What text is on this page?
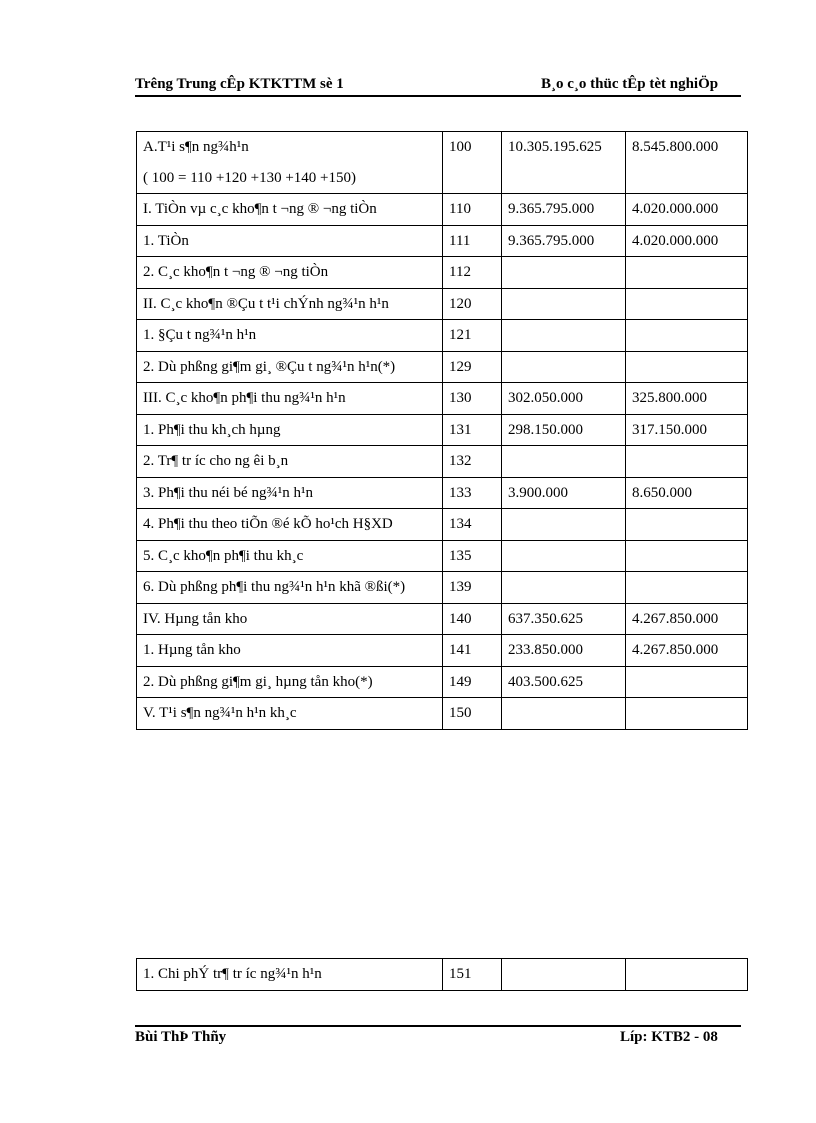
Trêng Trung cÊp KTKTTM sè 1	B¸o c¸o thüc tÊp tèt nghiÖp
A.T¹i s¶n ng¾h¹n
( 100 = 110 +120 +130 +140 +150)	100	10.305.195.625	8.545.800.000
I. TiÒn vµ c¸c kho¶n t ¬ng ® ¬ng tiÒn	110	9.365.795.000	4.020.000.000
1. TiÒn	111	9.365.795.000	4.020.000.000
2. C¸c kho¶n t ¬ng ® ¬ng tiÒn	112		
II. C¸c kho¶n ®Çu t t¹i chÝnh ng¾¹n h¹n	120		
1. §Çu t ng¾¹n h¹n	121		
2. Dù phßng gi¶m gi¸ ®Çu t ng¾¹n h¹n(*)	129		
III. C¸c kho¶n ph¶i thu ng¾¹n h¹n	130	302.050.000	325.800.000
1. Ph¶i thu kh¸ch hµng	131	298.150.000	317.150.000
2. Tr¶ tr íc cho ng êi b¸n	132		
3. Ph¶i thu néi bé ng¾¹n h¹n	133	3.900.000	8.650.000
4. Ph¶i thu theo tiÕn ®é kÕ ho¹ch H§XD	134		
5. C¸c kho¶n ph¶i thu kh¸c	135		
6. Dù phßng ph¶i thu ng¾¹n h¹n khã ®ßi(*)	139		
IV. Hµng tån kho	140	637.350.625	4.267.850.000
1. Hµng tån kho	141	233.850.000	4.267.850.000
2. Dù phßng gi¶m gi¸ hµng tån kho(*)	149	403.500.625	
V. T¹i s¶n ng¾¹n h¹n kh¸c	150		
1. Chi phÝ tr¶ tr íc ng¾¹n h¹n	151		
Bùi ThÞ Thñy	Líp: KTB2 - 08
